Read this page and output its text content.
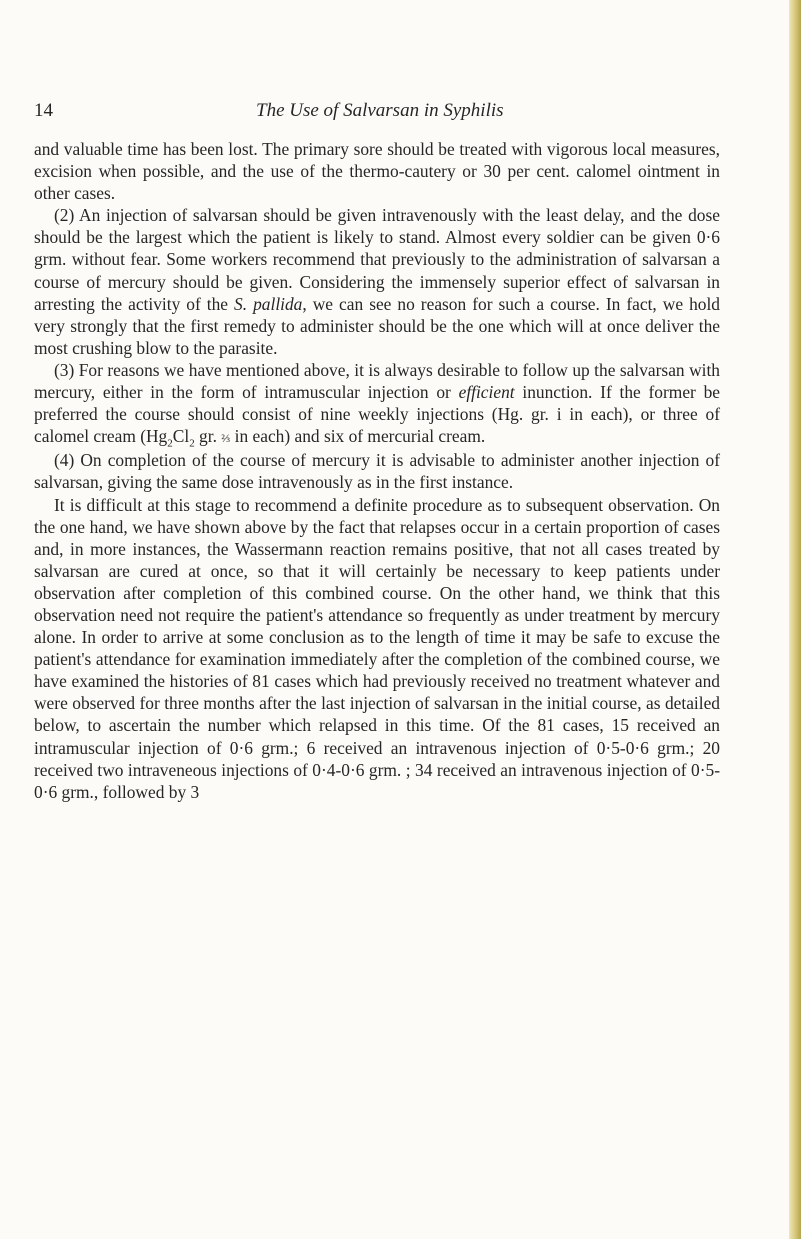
14	The Use of Salvarsan in Syphilis

and valuable time has been lost. The primary sore should be treated with vigorous local measures, excision when possible, and the use of the thermo-cautery or 30 per cent. calomel ointment in other cases.

(2) An injection of salvarsan should be given intravenously with the least delay, and the dose should be the largest which the patient is likely to stand. Almost every soldier can be given 0·6 grm. without fear. Some workers recommend that previously to the administration of salvarsan a course of mercury should be given. Considering the immensely superior effect of salvarsan in arresting the activity of the S. pallida, we can see no reason for such a course. In fact, we hold very strongly that the first remedy to administer should be the one which will at once deliver the most crushing blow to the parasite.

(3) For reasons we have mentioned above, it is always desirable to follow up the salvarsan with mercury, either in the form of intramuscular injection or efficient inunction. If the former be preferred the course should consist of nine weekly injections (Hg. gr. i in each), or three of calomel cream ($Hg_2Cl_2$ gr. ⅔ in each) and six of mercurial cream.

(4) On completion of the course of mercury it is advisable to administer another injection of salvarsan, giving the same dose intravenously as in the first instance.

It is difficult at this stage to recommend a definite procedure as to subsequent observation. On the one hand, we have shown above by the fact that relapses occur in a certain proportion of cases and, in more instances, the Wassermann reaction remains positive, that not all cases treated by salvarsan are cured at once, so that it will certainly be necessary to keep patients under observation after completion of this combined course. On the other hand, we think that this observation need not require the patient's attendance so frequently as under treatment by mercury alone. In order to arrive at some conclusion as to the length of time it may be safe to excuse the patient's attendance for examination immediately after the completion of the combined course, we have examined the histories of 81 cases which had previously received no treatment whatever and were observed for three months after the last injection of salvarsan in the initial course, as detailed below, to ascertain the number which relapsed in this time. Of the 81 cases, 15 received an intramuscular injection of 0·6 grm.; 6 received an intravenous injection of 0·5-0·6 grm.; 20 received two intraveneous injections of 0·4-0·6 grm. ; 34 received an intravenous injection of 0·5-0·6 grm., followed by 3
